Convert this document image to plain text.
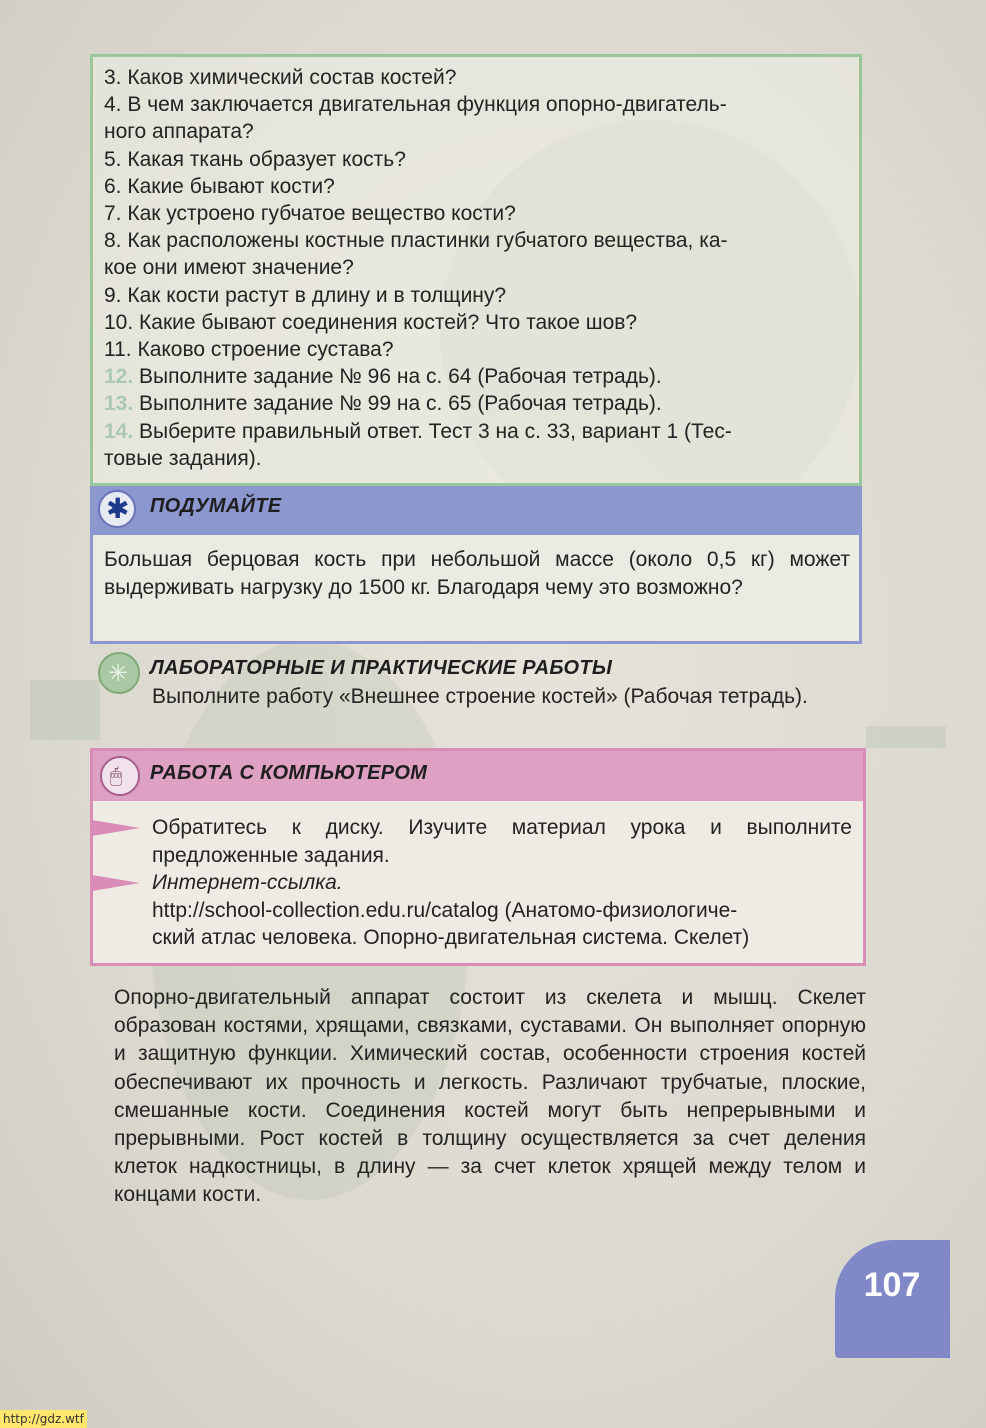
3. Каков химический состав костей?
4. В чем заключается двигательная функция опорно-двигатель-
ного аппарата?
5. Какая ткань образует кость?
6. Какие бывают кости?
7. Как устроено губчатое вещество кости?
8. Как расположены костные пластинки губчатого вещества, ка-
кое они имеют значение?
9. Как кости растут в длину и в толщину?
10. Какие бывают соединения костей? Что такое шов?
11. Каково строение сустава?
12. Выполните задание № 96 на с. 64 (Рабочая тетрадь).
13. Выполните задание № 99 на с. 65 (Рабочая тетрадь).
14. Выберите правильный ответ. Тест 3 на с. 33, вариант 1 (Тес-
товые задания).
✱
ПОДУМАЙТЕ
Большая берцовая кость при небольшой массе (около 0,5 кг) может выдерживать нагрузку до 1500 кг. Благодаря чему это возможно?
✳
ЛАБОРАТОРНЫЕ И ПРАКТИЧЕСКИЕ РАБОТЫ
Выполните работу «Внешнее строение костей» (Рабочая тетрадь).
🖱
РАБОТА С КОМПЬЮТЕРОМ

Обратитесь к диску. Изучите материал урока и выполните предложенные задания.

Интернет-ссылка.

http://school-collection.edu.ru/catalog (Анатомо-физиологиче-

ский атлас человека. Опорно-двигательная система. Скелет)

Опорно-двигательный аппарат состоит из скелета и мышц. Скелет образован костями, хрящами, связками, суставами. Он выполняет опорную и защитную функции. Химический состав, особенности строения костей обеспечивают их прочность и легкость. Различают трубчатые, плоские, смешанные кости. Соединения костей могут быть непрерывными и прерывными. Рост костей в толщину осуществляется за счет деления клеток надкостницы, в длину — за счет клеток хрящей между телом и концами кости.

107
http://gdz.wtf
